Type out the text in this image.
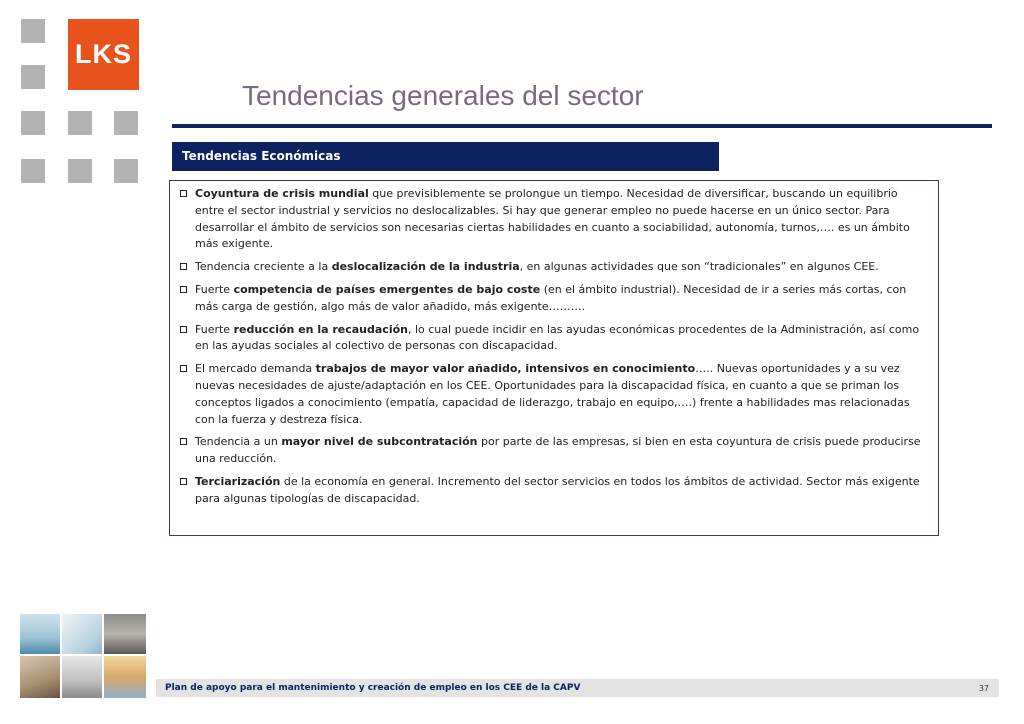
LKS
Tendencias generales del sector
Tendencias Económicas
Coyuntura de crisis mundial que previsiblemente se prolongue un tiempo. Necesidad de diversificar, buscando un equilibrio entre el sector industrial y servicios no deslocalizables. Si hay que generar empleo no puede hacerse en un único sector. Para desarrollar el ámbito de servicios son necesarias ciertas habilidades en cuanto a sociabilidad, autonomía, turnos,…. es un ámbito más exigente.
Tendencia creciente a la deslocalización de la industria, en algunas actividades que son “tradicionales” en algunos CEE.
Fuerte competencia de países emergentes de bajo coste (en el ámbito industrial). Necesidad de ir a series más cortas, con más carga de gestión, algo más de valor añadido, más exigente……….
Fuerte reducción en la recaudación, lo cual puede incidir en las ayudas económicas procedentes de la Administración, así como en las ayudas sociales al colectivo de personas con discapacidad.
El mercado demanda trabajos de mayor valor añadido, intensivos en conocimiento….. Nuevas oportunidades y a su vez nuevas necesidades de ajuste/adaptación en los CEE. Oportunidades para la discapacidad física, en cuanto a que se priman los conceptos ligados a conocimiento (empatía, capacidad de liderazgo, trabajo en equipo,….) frente a habilidades mas relacionadas con la fuerza y destreza física.
Tendencia a un mayor nivel de subcontratación por parte de las empresas, si bien en esta coyuntura de crisis puede producirse una reducción.
Terciarización de la economía en general. Incremento del sector servicios en todos los ámbitos de actividad. Sector más exigente para algunas tipologías de discapacidad.
Plan de apoyo para el mantenimiento y creación de empleo en los CEE de la CAPV	37
